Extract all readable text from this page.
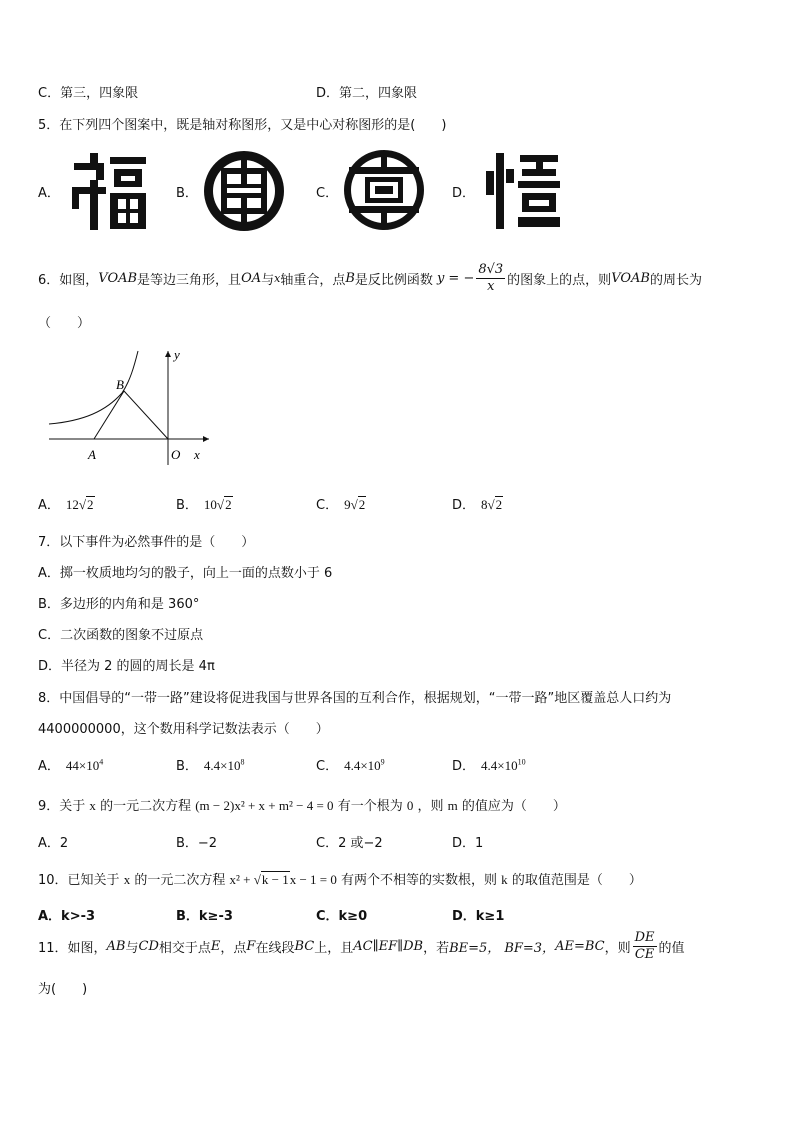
C．第三，四象限	D．第二，四象限
5．在下列四个图案中，既是轴对称图形，又是中心对称图形的是(　　)
A．	B．	C．	D．
6．如图， VOAB 是等边三角形，且 OA 与 x 轴重合，点 B 是反比例函数 y = − $\frac{8√3}{x}$ 的图象上的点，则 VOAB 的周长为
（　　）
y
x
A
B
O
A． 12√2	B． 10√2	C． 9√2	D． 8√2
7．以下事件为必然事件的是（　　）
A．掷一枚质地均匀的骰子，向上一面的点数小于 6
B．多边形的内角和是 360°
C．二次函数的图象不过原点
D．半径为 2 的圆的周长是 4π
8．中国倡导的“一带一路”建设将促进我国与世界各国的互利合作，根据规划，“一带一路”地区覆盖总人口约为
4400000000，这个数用科学记数法表示（　　）
A． $44\times 10^4$	B． $4.4\times 10^8$	C． $4.4\times 10^9$	D． $4.4\times 10^{10}$
9．关于 x 的一元二次方程 (m − 2)x² + x + m² − 4 = 0 有一个根为 0 ，则 m 的值应为（　　）
A．2	B．−2	C．2 或−2	D．1
10．已知关于 x 的一元二次方程 x² + √k − 1x − 1 = 0 有两个不相等的实数根，则 k 的取值范围是（　　）
A．k>-3	B．k≥-3	C．k≥0	D．k≥1
11．如图， AB 与 CD 相交于点 E ，点 F 在线段 BC 上，且 AC∥EF∥DB ，若 BE=5， BF=3， AE=BC ，则 $\frac{DE}{CE}$ 的值
为(　　)
